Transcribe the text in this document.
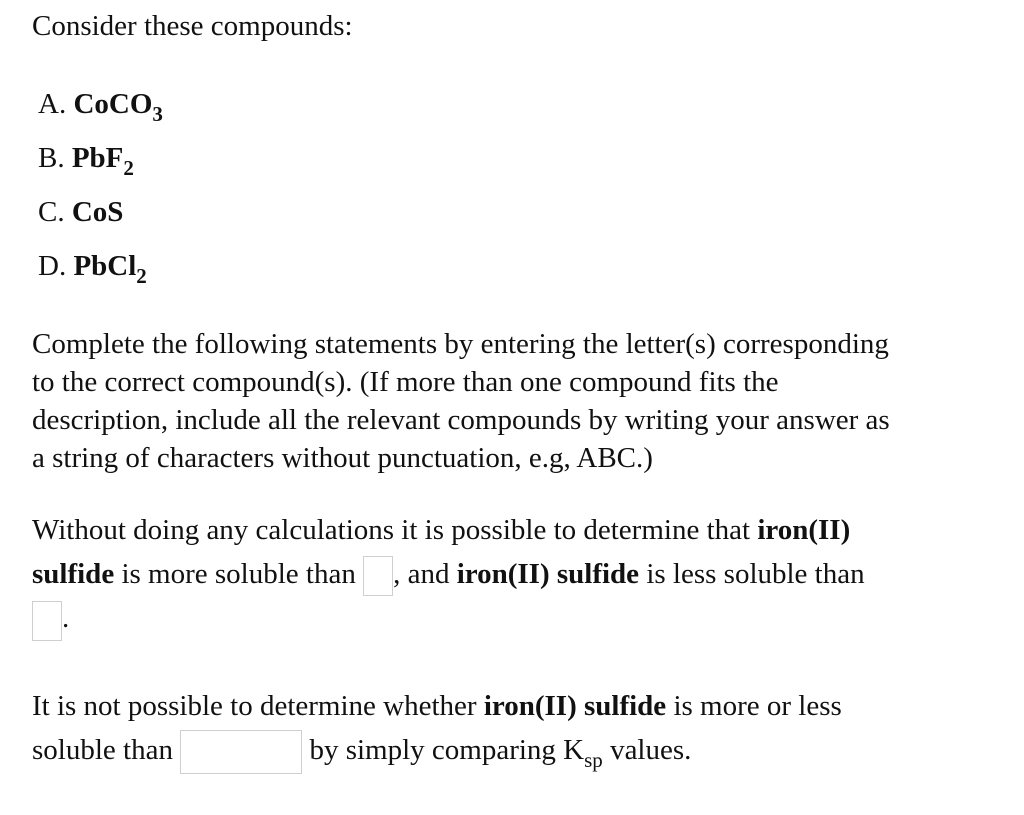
Consider these compounds:

A. CoCO$_3$
B. PbF$_2$
C. CoS
D. PbCl$_2$

Complete the following statements by entering the letter(s) corresponding
to the correct compound(s). (If more than one compound fits the
description, include all the relevant compounds by writing your answer as
a string of characters without punctuation, e.g, ABC.)

Without doing any calculations it is possible to determine that iron(II)
sulfide is more soluble than , and iron(II) sulfide is less soluble than
.

It is not possible to determine whether iron(II) sulfide is more or less
soluble than	by simply comparing $K_{sp}$ values.
